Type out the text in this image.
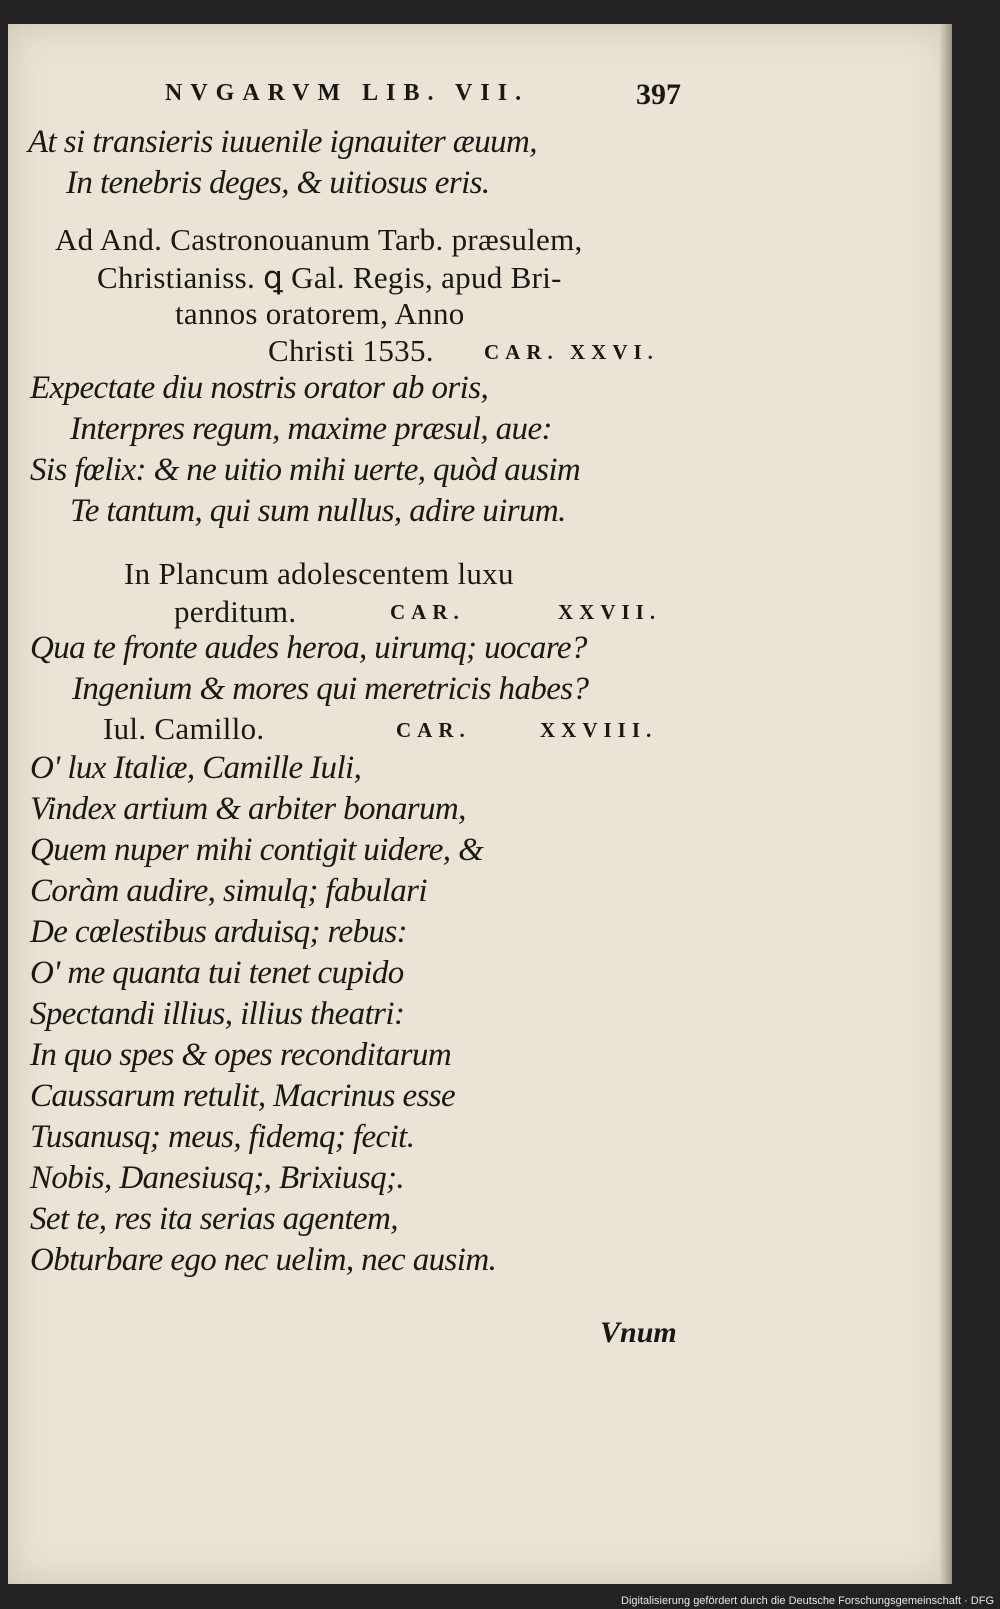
NVGARVM LIB. VII.	397
At si transieris iuuenile ignauiter æuum,
In tenebris deges, & uitiosus eris.
Ad And. Castronouanum Tarb. præsulem,
Christianiss. ꝗ Gal. Regis, apud Bri-
tannos oratorem, Anno
Christi 1535. CAR. XXVI.
Expectate diu nostris orator ab oris,
Interpres regum, maxime præsul, aue:
Sis fœlix: & ne uitio mihi uerte, quòd ausim
Te tantum, qui sum nullus, adire uirum.
In Plancum adolescentem luxu
perditum.	CAR.	XXVII.
Qua te fronte audes heroa, uirumq; uocare?
Ingenium & mores qui meretricis habes?
Iul. Camillo.	CAR.	XXVIII.
O' lux Italiæ, Camille Iuli,
Vindex artium & arbiter bonarum,
Quem nuper mihi contigit uidere, &
Coràm audire, simulq; fabulari
De cœlestibus arduisq; rebus:
O' me quanta tui tenet cupido
Spectandi illius, illius theatri:
In quo spes & opes reconditarum
Caussarum retulit, Macrinus esse
Tusanusq; meus, fidemq; fecit.
Nobis, Danesiusq;, Brixiusq;.
Set te, res ita serias agentem,
Obturbare ego nec uelim, nec ausim.
Vnum
Digitalisierung gefördert durch die Deutsche Forschungsgemeinschaft · DFG
